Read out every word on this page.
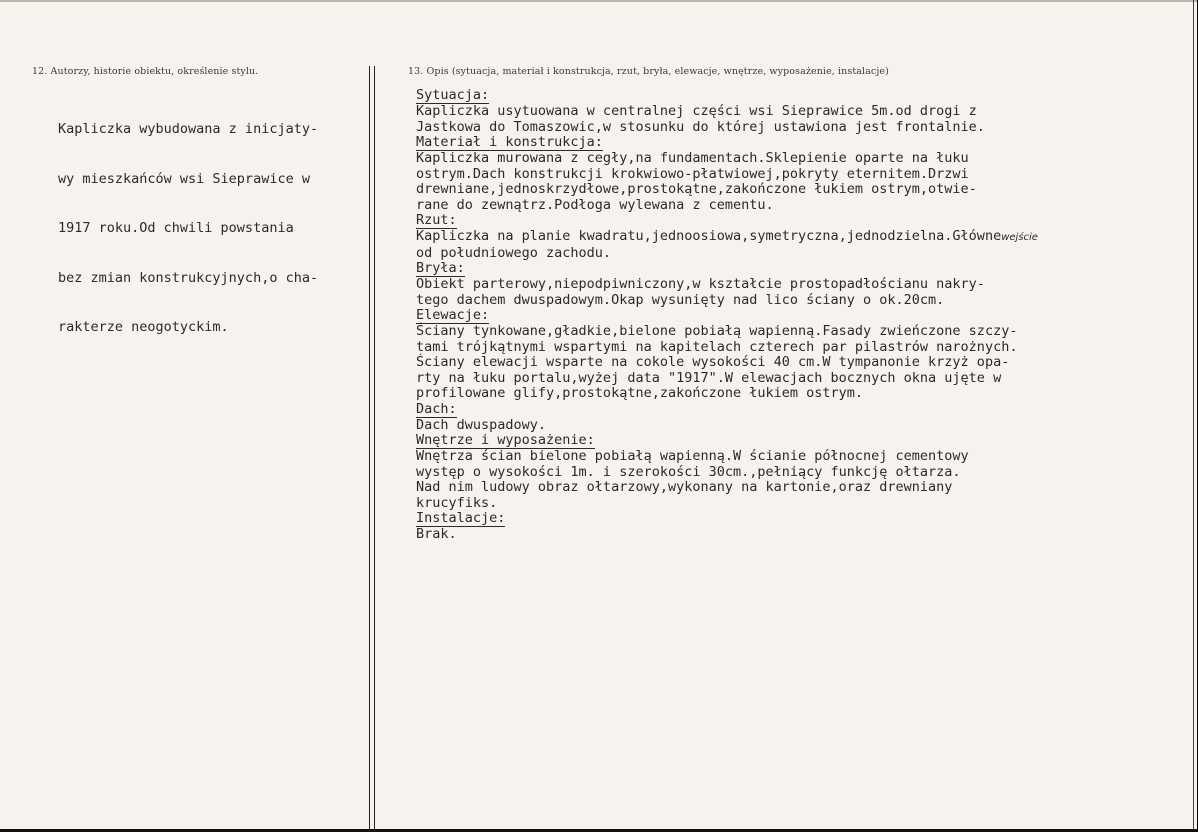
12. Autorzy, historie obiektu, określenie stylu.	13. Opis (sytuacja, materiał i konstrukcja, rzut, bryła, elewacje, wnętrze, wyposażenie, instalacje)

Kapliczka wybudowana z inicjaty-

wy mieszkańców wsi Sieprawice w

1917 roku.Od chwili powstania

bez zmian konstrukcyjnych,o cha-

rakterze neogotyckim.

Sytuacja:
Kapliczka usytuowana w centralnej części wsi Sieprawice 5m.od drogi z
Jastkowa do Tomaszowic,w stosunku do której ustawiona jest frontalnie.
Materiał i konstrukcja:
Kapliczka murowana z cegły,na fundamentach.Sklepienie oparte na łuku
ostrym.Dach konstrukcji krokwiowo-płatwiowej,pokryty eternitem.Drzwi
drewniane,jednoskrzydłowe,prostokątne,zakończone łukiem ostrym,otwie-
rane do zewnątrz.Podłoga wylewana z cementu.
Rzut:
Kapliczka na planie kwadratu,jednoosiowa,symetryczna,jednodzielna.Głównewejście
od południowego zachodu.
Bryła:
Obiekt parterowy,niepodpiwniczony,w kształcie prostopadłościanu nakry-
tego dachem dwuspadowym.Okap wysunięty nad lico ściany o ok.20cm.
Elewacje:
Ściany tynkowane,gładkie,bielone pobiałą wapienną.Fasady zwieńczone szczy-
tami trójkątnymi wspartymi na kapitelach czterech par pilastrów narożnych.
Ściany elewacji wsparte na cokole wysokości 40 cm.W tympanonie krzyż opa-
rty na łuku portalu,wyżej data "1917".W elewacjach bocznych okna ujęte w
profilowane glify,prostokątne,zakończone łukiem ostrym.
Dach:
Dach dwuspadowy.
Wnętrze i wyposażenie:
Wnętrza ścian bielone pobiałą wapienną.W ścianie północnej cementowy
występ o wysokości 1m. i szerokości 30cm.,pełniący funkcję ołtarza.
Nad nim ludowy obraz ołtarzowy,wykonany na kartonie,oraz drewniany
krucyfiks.
Instalacje:
Brak.
